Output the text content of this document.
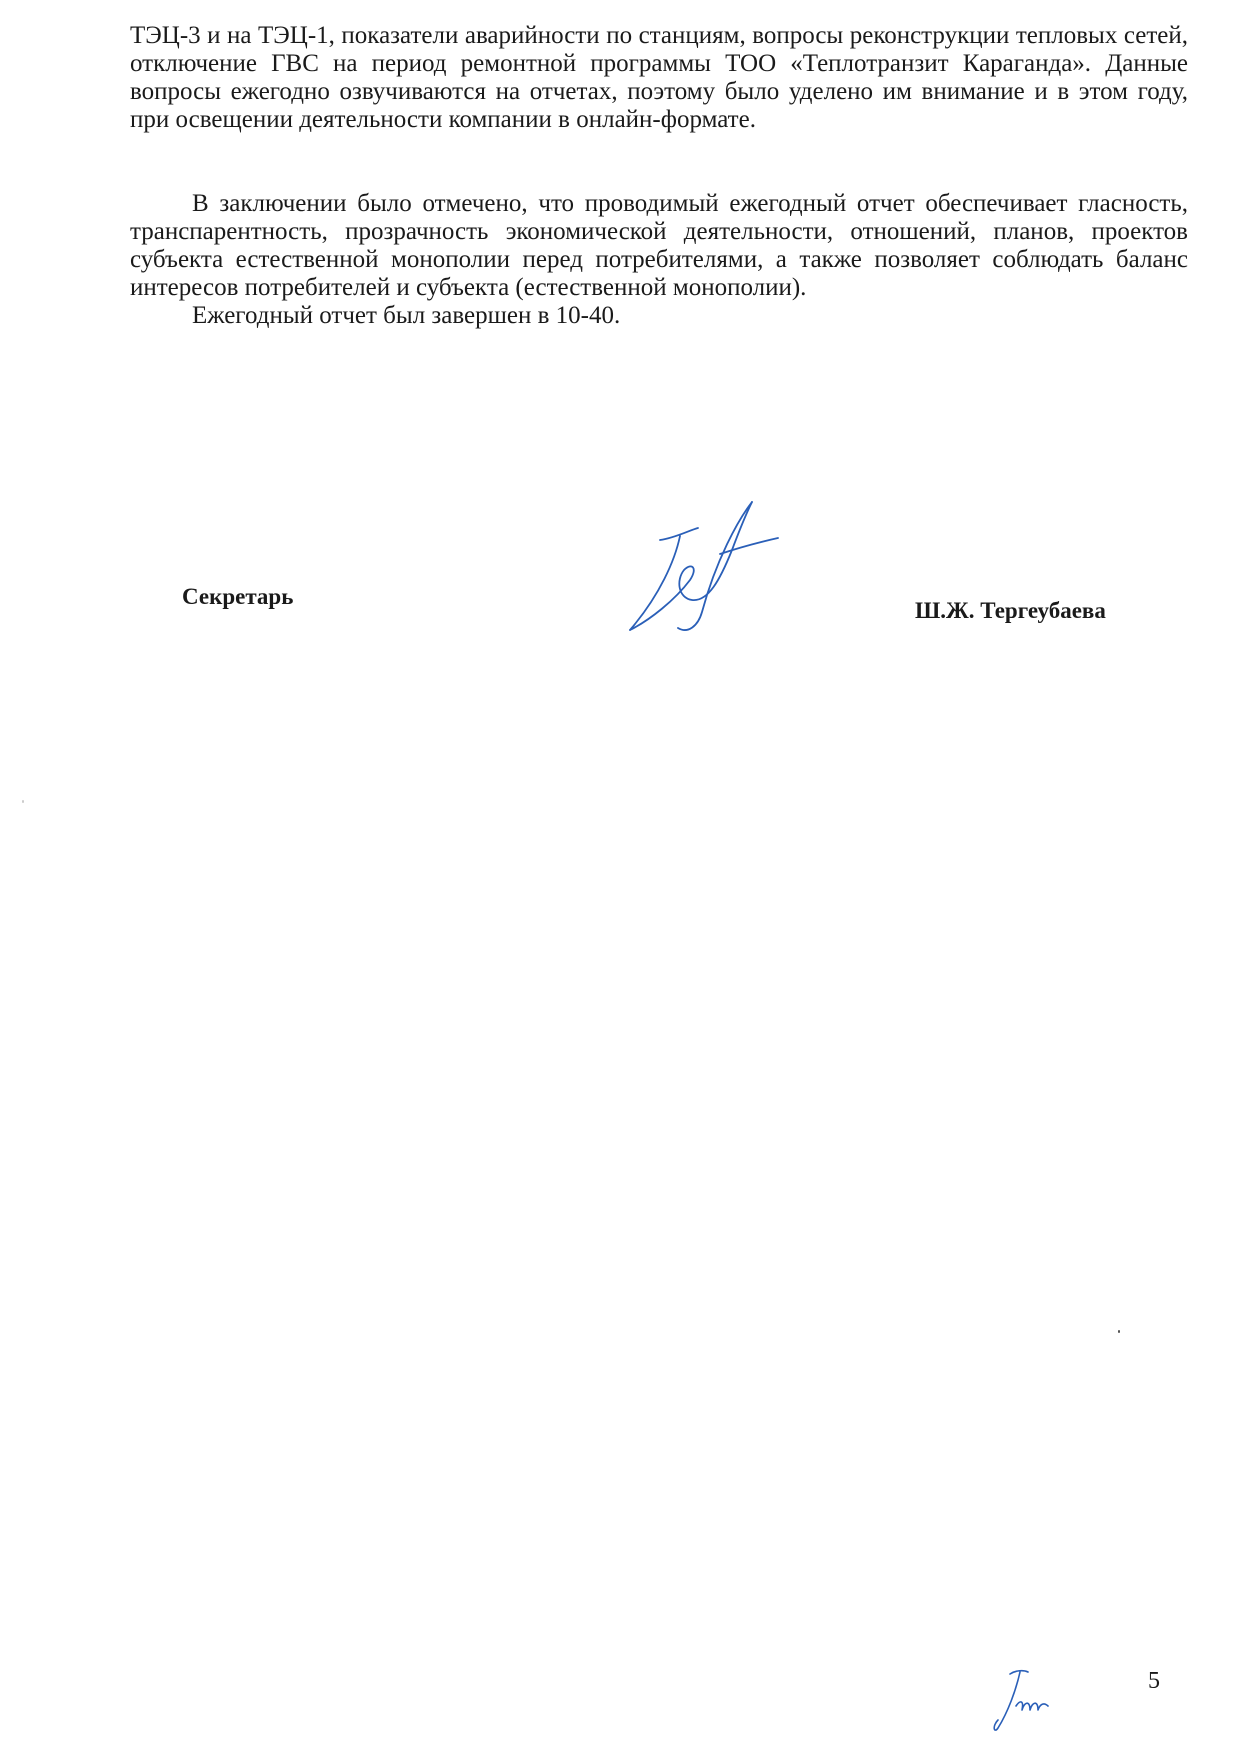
ТЭЦ-3 и на ТЭЦ-1, показатели аварийности по станциям, вопросы реконструкции тепловых сетей, отключение ГВС на период ремонтной программы ТОО «Теплотранзит Караганда». Данные вопросы ежегодно озвучиваются на отчетах, поэтому было уделено им внимание и в этом году, при освещении деятельности компании в онлайн-формате.

В заключении было отмечено, что проводимый ежегодный отчет обеспечивает гласность, транспарентность, прозрачность экономической деятельности, отношений, планов, проектов субъекта естественной монополии перед потребителями, а также позволяет соблюдать баланс интересов потребителей и субъекта (естественной монополии).

Ежегодный отчет был завершен в 10-40.

Секретарь
Ш.Ж. Тергеубаева
5
